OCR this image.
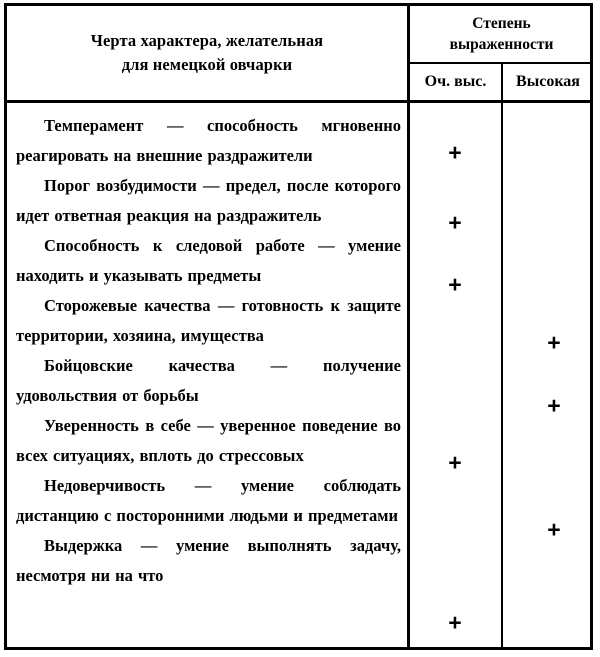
Черта характера, желательная
для немецкой овчарки
Степень
выраженности
Оч. выс.	Высокая

Темперамент — способность мгновенно реагировать на внешние раздражители

Порог возбудимости — предел, после которого идет ответная реакция на раздражитель

Способность к следовой работе — умение находить и указывать предметы

Сторожевые качества — готовность к защите территории, хозяина, имущества

Бойцовские качества — получение удовольствия от борьбы

Уверенность в себе — уверенное поведение во всех ситуациях, вплоть до стрессовых

Недоверчивость — умение соблюдать дистанцию с посторонними людьми и предметами

Выдержка — умение выполнять задачу, несмотря ни на что

+
+
+
+
+
+
+
+
